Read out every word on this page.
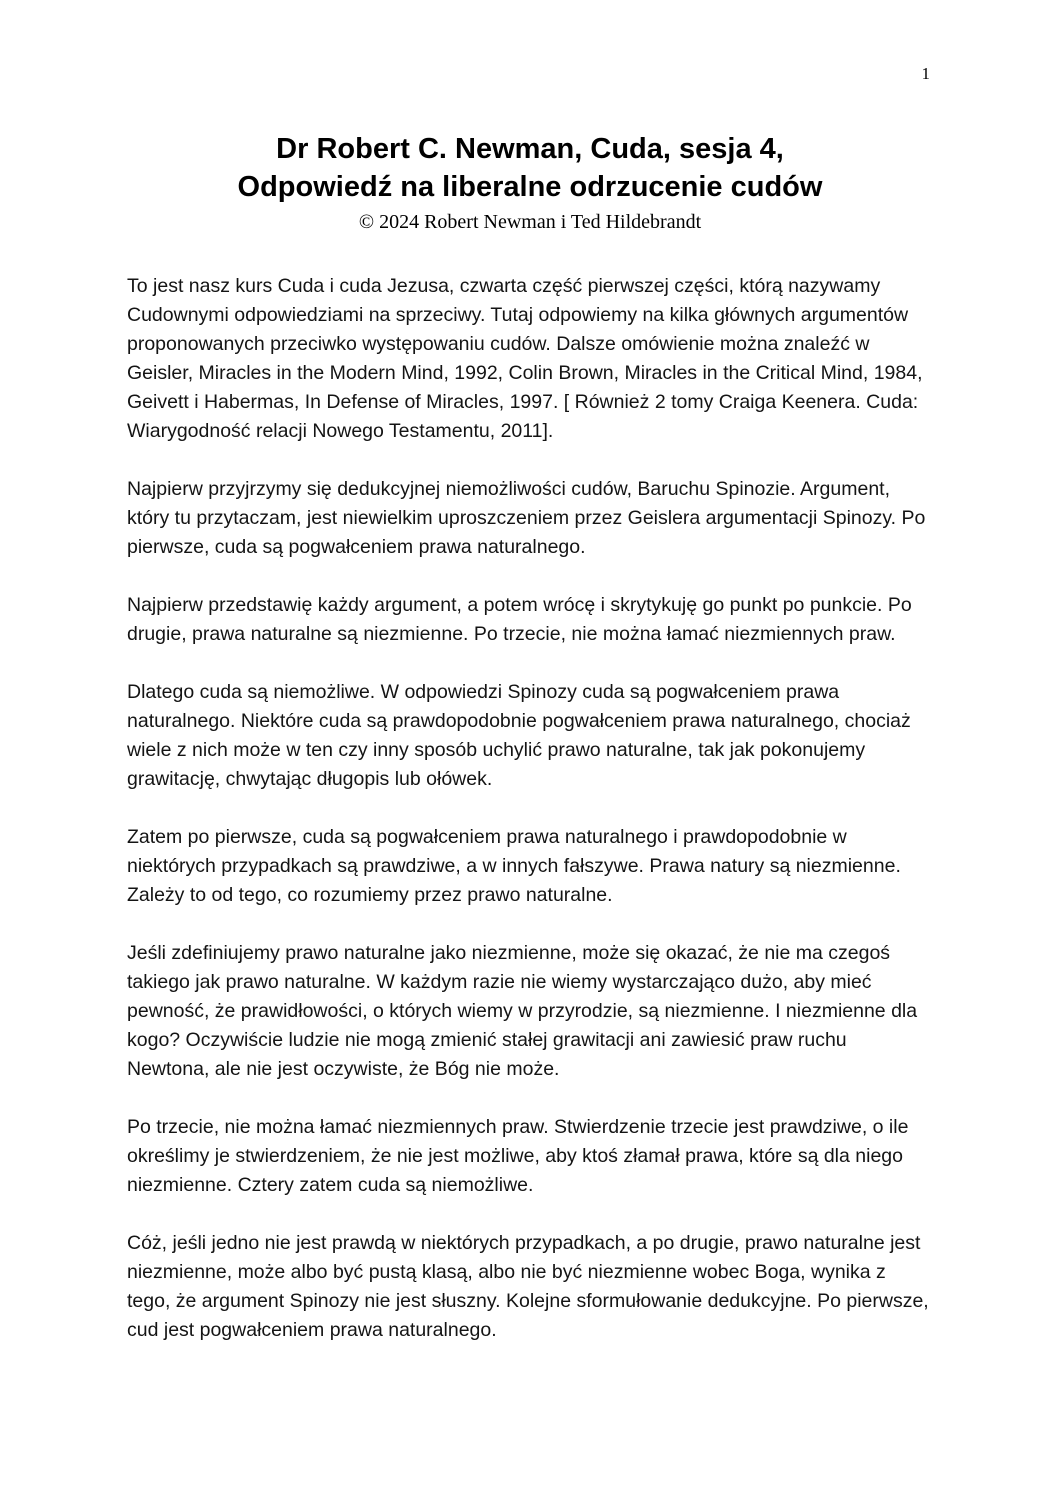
1
Dr Robert C. Newman, Cuda, sesja 4,
Odpowiedź na liberalne odrzucenie cudów
© 2024 Robert Newman i Ted Hildebrandt

To jest nasz kurs Cuda i cuda Jezusa, czwarta część pierwszej części, którą nazywamy Cudownymi odpowiedziami na sprzeciwy. Tutaj odpowiemy na kilka głównych argumentów proponowanych przeciwko występowaniu cudów. Dalsze omówienie można znaleźć w Geisler, Miracles in the Modern Mind, 1992, Colin Brown, Miracles in the Critical Mind, 1984, Geivett i Habermas, In Defense of Miracles, 1997. [ Również 2 tomy Craiga Keenera. Cuda: Wiarygodność relacji Nowego Testamentu, 2011].

Najpierw przyjrzymy się dedukcyjnej niemożliwości cudów, Baruchu Spinozie. Argument, który tu przytaczam, jest niewielkim uproszczeniem przez Geislera argumentacji Spinozy. Po pierwsze, cuda są pogwałceniem prawa naturalnego.

Najpierw przedstawię każdy argument, a potem wrócę i skrytykuję go punkt po punkcie. Po drugie, prawa naturalne są niezmienne. Po trzecie, nie można łamać niezmiennych praw.

Dlatego cuda są niemożliwe. W odpowiedzi Spinozy cuda są pogwałceniem prawa naturalnego. Niektóre cuda są prawdopodobnie pogwałceniem prawa naturalnego, chociaż wiele z nich może w ten czy inny sposób uchylić prawo naturalne, tak jak pokonujemy grawitację, chwytając długopis lub ołówek.

Zatem po pierwsze, cuda są pogwałceniem prawa naturalnego i prawdopodobnie w niektórych przypadkach są prawdziwe, a w innych fałszywe. Prawa natury są niezmienne. Zależy to od tego, co rozumiemy przez prawo naturalne.

Jeśli zdefiniujemy prawo naturalne jako niezmienne, może się okazać, że nie ma czegoś takiego jak prawo naturalne. W każdym razie nie wiemy wystarczająco dużo, aby mieć pewność, że prawidłowości, o których wiemy w przyrodzie, są niezmienne. I niezmienne dla kogo? Oczywiście ludzie nie mogą zmienić stałej grawitacji ani zawiesić praw ruchu Newtona, ale nie jest oczywiste, że Bóg nie może.

Po trzecie, nie można łamać niezmiennych praw. Stwierdzenie trzecie jest prawdziwe, o ile określimy je stwierdzeniem, że nie jest możliwe, aby ktoś złamał prawa, które są dla niego niezmienne. Cztery zatem cuda są niemożliwe.

Cóż, jeśli jedno nie jest prawdą w niektórych przypadkach, a po drugie, prawo naturalne jest niezmienne, może albo być pustą klasą, albo nie być niezmienne wobec Boga, wynika z tego, że argument Spinozy nie jest słuszny. Kolejne sformułowanie dedukcyjne. Po pierwsze, cud jest pogwałceniem prawa naturalnego.
